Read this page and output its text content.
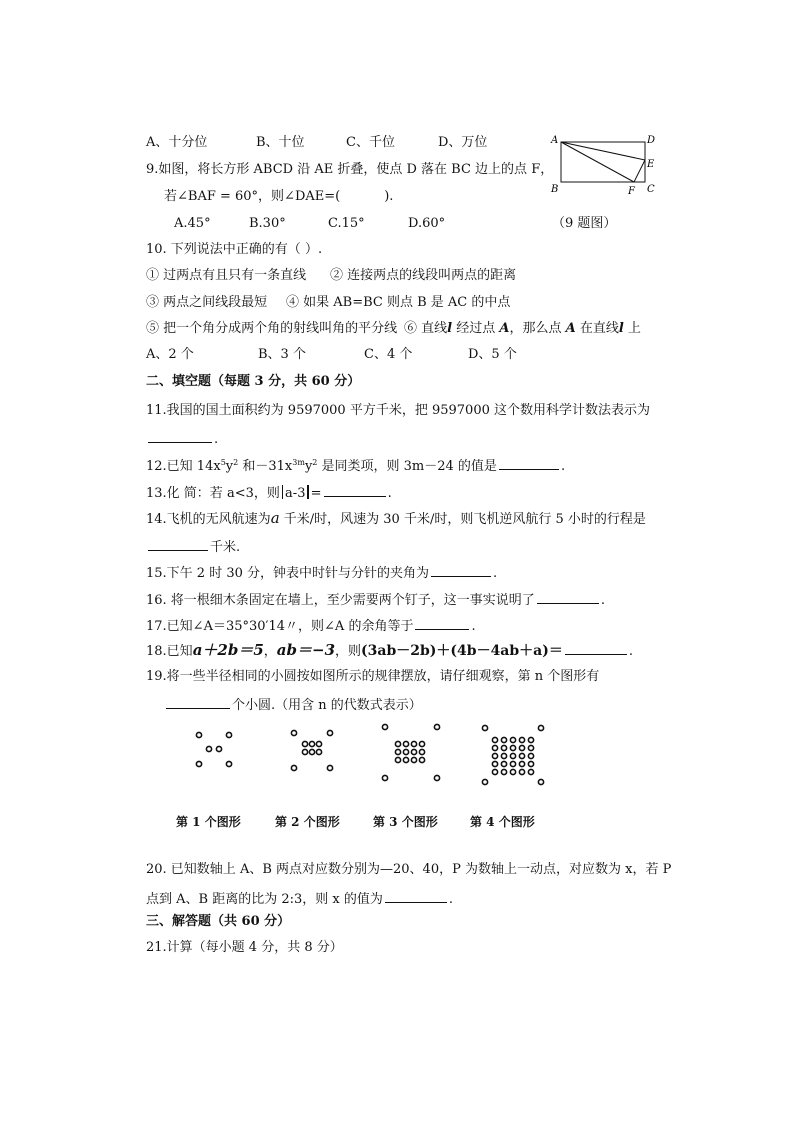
A、十分位	B、十位	C、千位	D、万位
9.如图，将长方形 ABCD 沿 AE 折叠，使点 D 落在 BC 边上的点 F，
若∠BAF = 60°，则∠DAE=(	).
A.45°	B.30°	C.15°	D.60°
A	D
E
B	F C
（9 题图）
10. 下列说法中正确的有（ ）.
① 过两点有且只有一条直线 ② 连接两点的线段叫两点的距离
③ 两点之间线段最短 ④ 如果 AB=BC 则点 B 是 AC 的中点
⑤ 把一个角分成两个角的射线叫角的平分线 ⑥ 直线l 经过点 A，那么点 A 在直线l 上
A、2 个	B、3 个	C、4 个	D、5 个
二、填空题（每题 3 分，共 60 分）
11.我国的国土面积约为 9597000 平方千米，把 9597000 这个数用科学计数法表示为
.
12.已知 $14x^5y^2$ 和$-31x^{3m}y^2$ 是同类项，则 3m－24 的值是	.
13.化 简：若 a<3，则 a-3 =	.
14.飞机的无风航速为a 千米/时，风速为 30 千米/时，则飞机逆风航行 5 小时的行程是
千米.
15.下午 2 时 30 分，钟表中时针与分针的夹角为	.
16. 将一根细木条固定在墙上，至少需要两个钉子，这一事实说明了	.
17.已知∠A＝35°30′14〃，则∠A 的余角等于	.
18.已知a＋2b＝5，ab＝−3，则(3ab－2b)＋(4b－4ab＋a)＝	.
19.将一些半径相同的小圆按如图所示的规律摆放，请仔细观察，第 n 个图形有
个小圆.（用含 n 的代数式表示）
第 1 个图形	第 2 个图形	第 3 个图形	第 4 个图形
20. 已知数轴上 A、B 两点对应数分别为—20、40，P 为数轴上一动点，对应数为 x，若 P
点到 A、B 距离的比为 2:3，则 x 的值为	.
三、解答题（共 60 分）
21.计算（每小题 4 分，共 8 分）
